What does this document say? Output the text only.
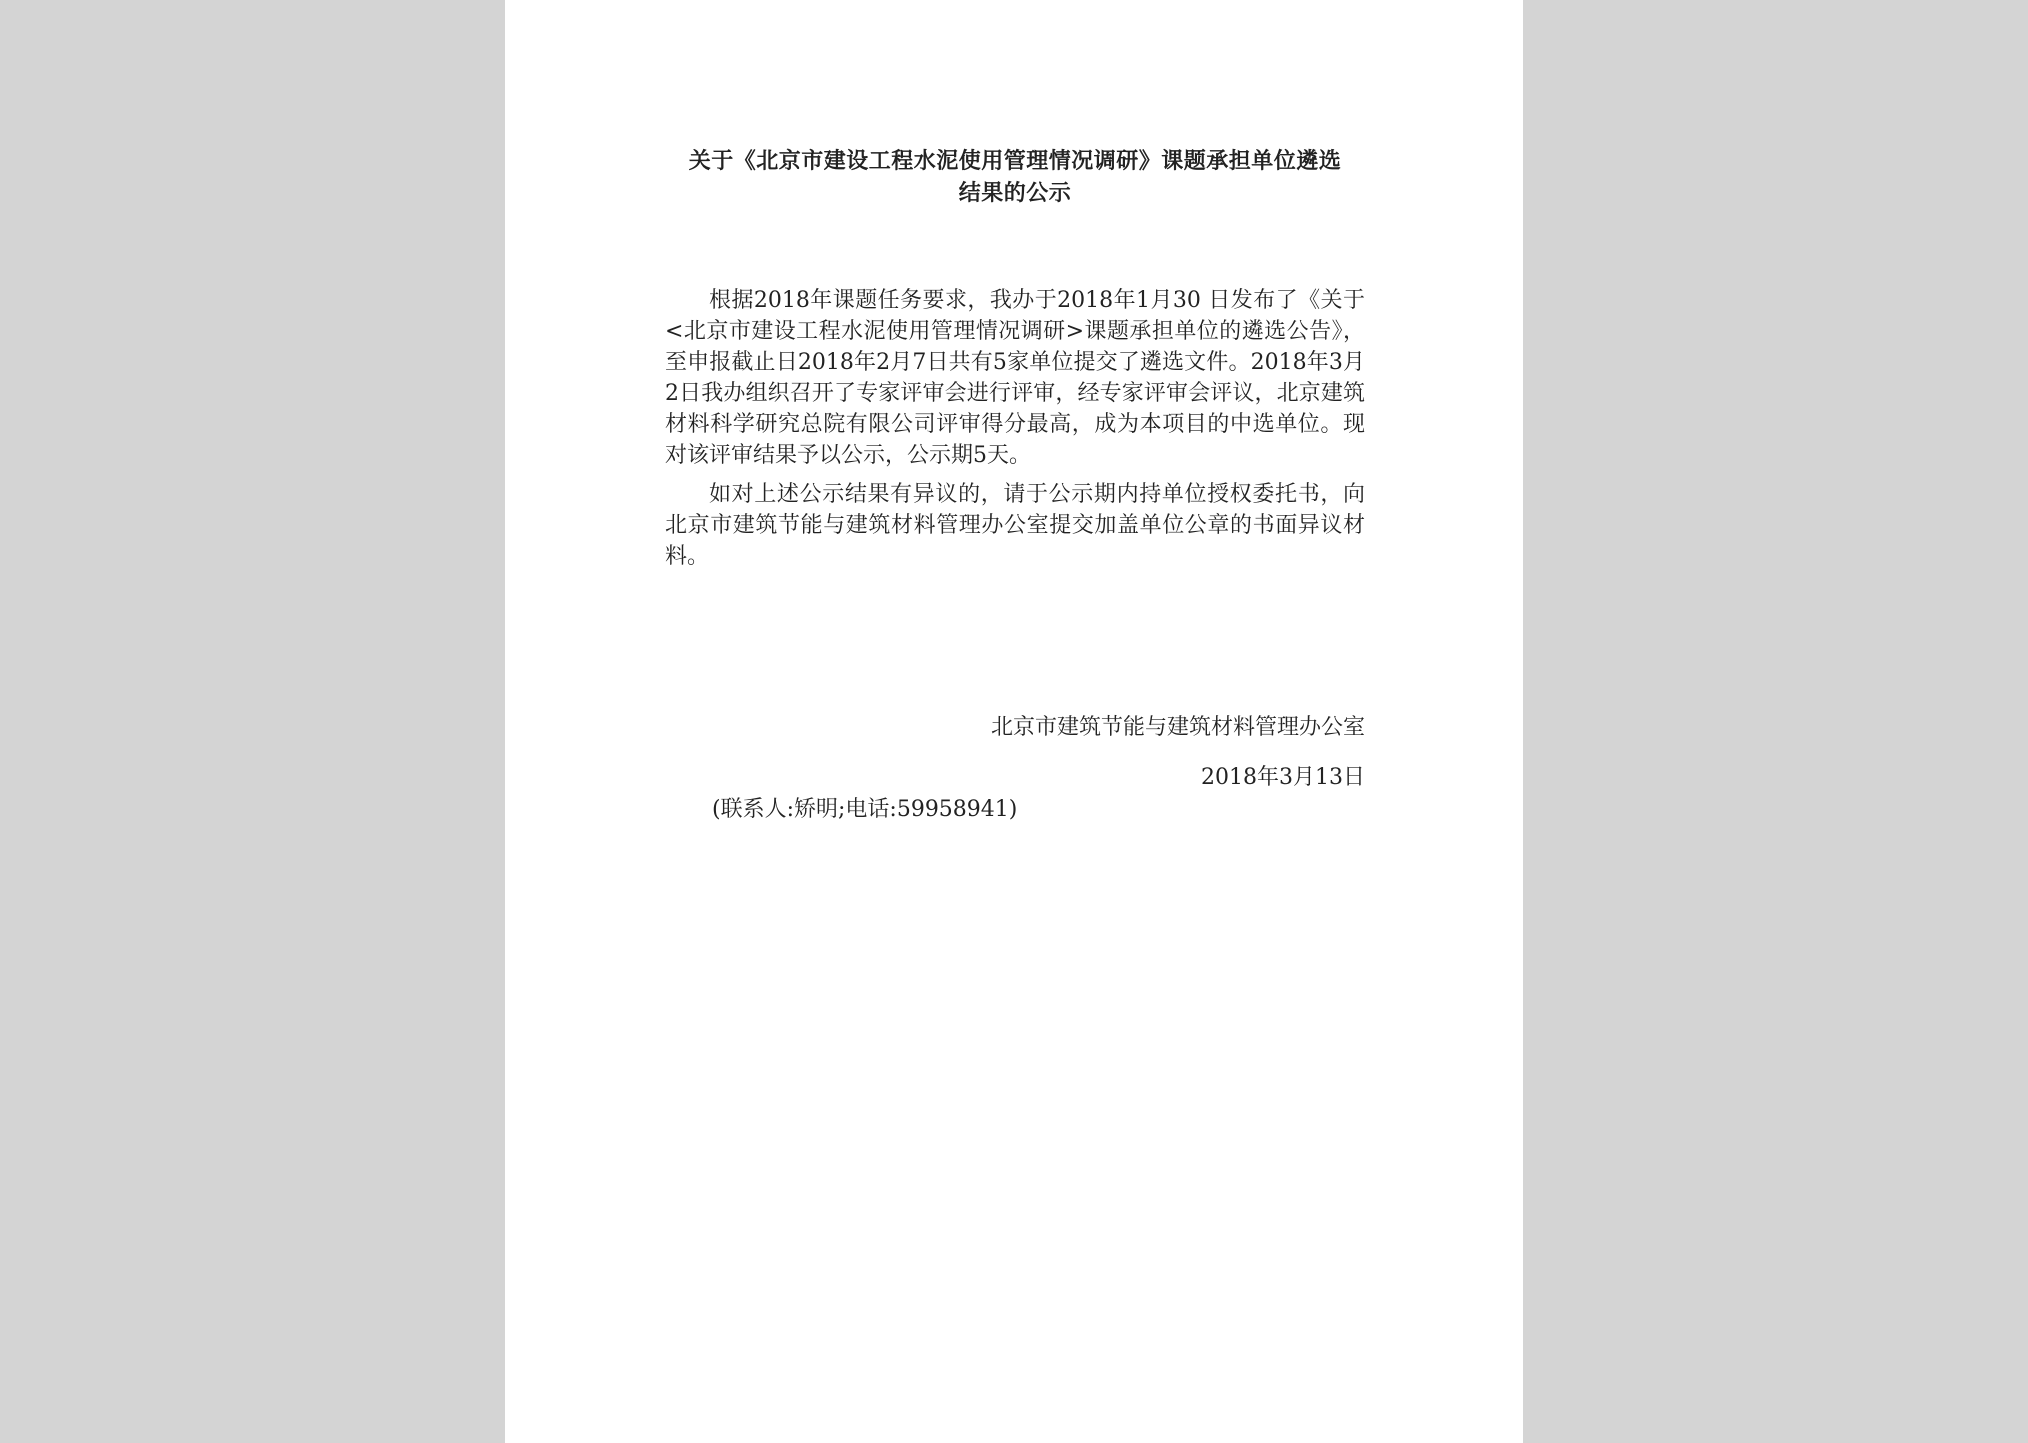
关于《北京市建设工程水泥使用管理情况调研》课题承担单位遴选
结果的公示

根据2018年课题任务要求，我办于2018年1月30 日发布了《关于<北京市建设工程水泥使用管理情况调研>课题承担单位的遴选公告》，至申报截止日2018年2月7日共有5家单位提交了遴选文件。2018年3月2日我办组织召开了专家评审会进行评审，经专家评审会评议，北京建筑材料科学研究总院有限公司评审得分最高，成为本项目的中选单位。现对该评审结果予以公示，公示期5天。

如对上述公示结果有异议的，请于公示期内持单位授权委托书，向北京市建筑节能与建筑材料管理办公室提交加盖单位公章的书面异议材料。

北京市建筑节能与建筑材料管理办公室
2018年3月13日
(联系人:矫明;电话:59958941)
